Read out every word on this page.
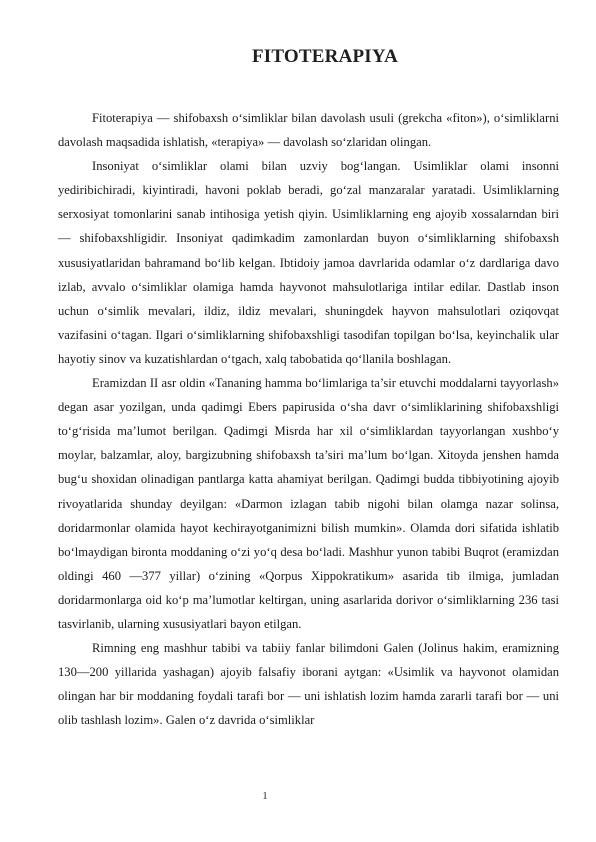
FITOTERAPIYA

Fitoterapiya — shifobaxsh o‘simliklar bilan davolash usuli (grekcha «fiton»), o‘simliklarni davolash maqsadida ishlatish, «terapiya» — davolash so‘zlaridan olingan.

Insoniyat o‘simliklar olami bilan uzviy bog‘langan. Usimliklar olami insonni yediribichiradi, kiyintiradi, havoni poklab beradi, go‘zal manzaralar yaratadi. Usimliklarning serxosiyat tomonlarini sanab intihosiga yetish qiyin. Usimliklarning eng ajoyib xossalarndan biri — shifobaxshligidir. Insoniyat qadimkadim zamonlardan buyon o‘simliklarning shifobaxsh xususiyatlaridan bahramand bo‘lib kelgan. Ibtidoiy jamoa davrlarida odamlar o‘z dardlariga davo izlab, avvalo o‘simliklar olamiga hamda hayvonot mahsulotlariga intilar edilar. Dastlab inson uchun o‘simlik mevalari, ildiz, ildiz mevalari, shuningdek hayvon mahsulotlari oziqovqat vazifasini o‘tagan. Ilgari o‘simliklarning shifobaxshligi tasodifan topilgan bo‘lsa, keyinchalik ular hayotiy sinov va kuzatishlardan o‘tgach, xalq tabobatida qo‘llanila boshlagan.

Eramizdan II asr oldin «Tananing hamma bo‘limlariga ta’sir etuvchi moddalarni tayyorlash» degan asar yozilgan, unda qadimgi Ebers papirusida o‘sha davr o‘simliklarining shifobaxshligi to‘g‘risida ma’lumot berilgan. Qadimgi Misrda har xil o‘simliklardan tayyorlangan xushbo‘y moylar, balzamlar, aloy, bargizubning shifobaxsh ta’siri ma’lum bo‘lgan. Xitoyda jenshen hamda bug‘u shoxidan olinadigan pantlarga katta ahamiyat berilgan. Qadimgi budda tibbiyotining ajoyib rivoyatlarida shunday deyilgan: «Darmon izlagan tabib nigohi bilan olamga nazar solinsa, doridarmonlar olamida hayot kechirayotganimizni bilish mumkin». Olamda dori sifatida ishlatib bo‘lmaydigan bironta moddaning o‘zi yo‘q desa bo‘ladi. Mashhur yunon tabibi Buqrot (eramizdan oldingi 460 —377 yillar) o‘zining «Qorpus Xippokratikum» asarida tib ilmiga, jumladan doridarmonlarga oid ko‘p ma’lumotlar keltirgan, uning asarlarida dorivor o‘simliklarning 236 tasi tasvirlanib, ularning xususiyatlari bayon etilgan.

Rimning eng mashhur tabibi va tabiiy fanlar bilimdoni Galen (Jolinus hakim, eramizning 130—200 yillarida yashagan) ajoyib falsafiy iborani aytgan: «Usimlik va hayvonot olamidan olingan har bir moddaning foydali tarafi bor — uni ishlatish lozim hamda zararli tarafi bor — uni olib tashlash lozim». Galen o‘z davrida o‘simliklar

1
